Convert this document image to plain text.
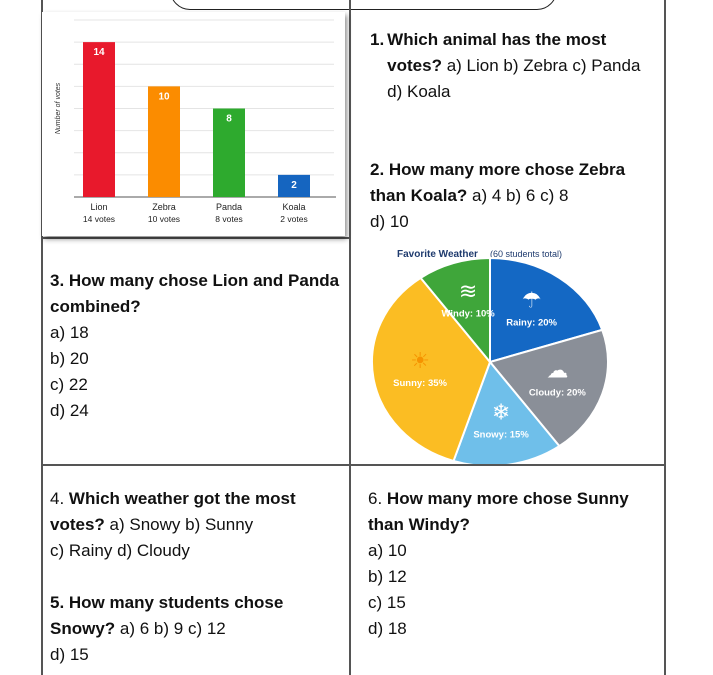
Number of votes
14
Lion
14 votes
10
Zebra
10 votes
8
Panda
8 votes
2
Koala
2 votes
Favorite Weather (60 students total)
☂
Rainy: 20%
☁
Cloudy: 20%
❄
Snowy: 15%
☀
Sunny: 35%
≋
Windy: 10%
1. Which animal has the most votes? a) Lion b) Zebra c) Panda
d) Koala
2. How many more chose Zebra than Koala? a) 4 b) 6 c) 8
d) 10
3. How many chose Lion and Panda combined?
a) 18
b) 20
c) 22
d) 24
4. Which weather got the most votes? a) Snowy b) Sunny
c) Rainy d) Cloudy
5. How many students chose Snowy? a) 6 b) 9 c) 12
d) 15
6. How many more chose Sunny than Windy?
a) 10
b) 12
c) 15
d) 18
